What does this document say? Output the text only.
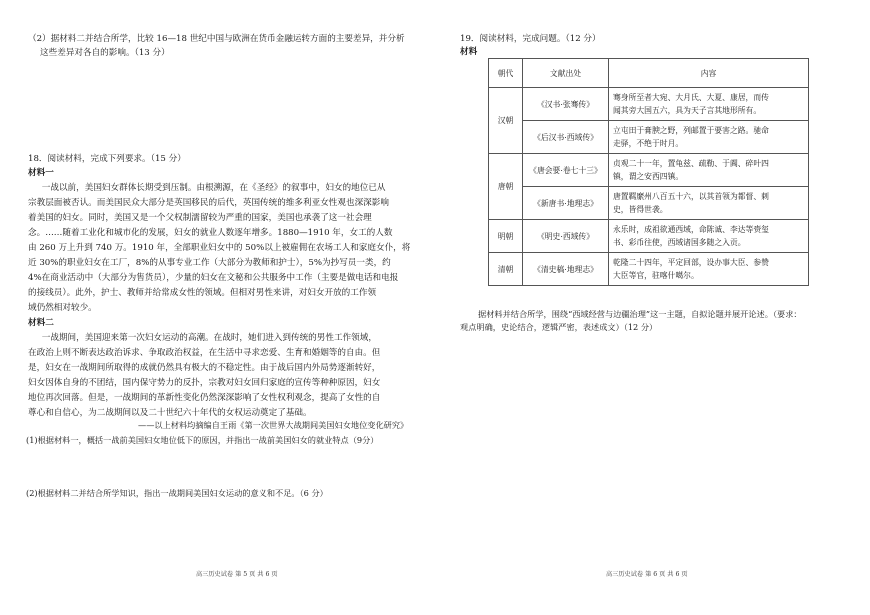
（2）据材料二并结合所学，比较 16—18 世纪中国与欧洲在货币金融运转方面的主要差异，并分析
这些差异对各自的影响。（13 分）
18．阅读材料，完成下列要求。（15 分）
材料一
一战以前，美国妇女群体长期受到压制。由根溯源，在《圣经》的叙事中，妇女的地位已从
宗教层面被否认。而美国民众大部分是英国移民的后代，英国传统的维多利亚女性观也深深影响
着美国的妇女。同时，美国又是一个父权制濡留较为严重的国家，美国也承袭了这一社会理
念。……随着工业化和城市化的发展，妇女的就业人数逐年增多。1880—1910 年，女工的人数
由 260 万上升到 740 万。1910 年，全部职业妇女中的 50%以上被雇佣在农场工人和家庭女仆，将
近 30%的职业妇女在工厂，8%的从事专业工作（大部分为教师和护士），5%为抄写员一类，约
4%在商业活动中（大部分为售货员），少量的妇女在文秘和公共服务中工作（主要是做电话和电报
的接线员）。此外，护士、教师并给常成女性的领域。但相对男性来讲，对妇女开放的工作领
域仍然相对较少。
材料二
一战期间，美国迎来第一次妇女运动的高潮。在战时，她们进入到传统的男性工作领域，
在政治上则不断表达政治诉求、争取政治权益，在生活中寻求恋爱、生育和婚姻等的自由。但
是，妇女在一战期间所取得的成就仍然具有极大的不稳定性。由于战后国内外局势逐渐转好，
妇女因体自身的不团结，国内保守势力的反扑，宗教对妇女回归家庭的宣传等种种原因，妇女
地位再次回落。但是，一战期间的革新性变化仍然深深影响了女性权利观念，提高了女性的自
尊心和自信心，为二战期间以及二十世纪六十年代的女权运动奠定了基础。
——以上材料均摘编自王雨《第一次世界大战期间美国妇女地位变化研究》
(1)根据材料一，概括一战前美国妇女地位低下的原因，并指出一战前美国妇女的就业特点（9分）
(2)根据材料二并结合所学知识，指出一战期间美国妇女运动的意义和不足。（6 分）
高三历史试卷 第 5 页 共 6 页
19．阅读材料，完成问题。（12 分）
材料
朝代	文献出处	内容
汉朝	《汉书·张骞传》	骞身所至者大宛、大月氏、大夏、康居，而传
闻其旁大国五六，具为天子言其地形所有。

	《后汉书·西域传》	立屯田于膏腴之野，列邮置于要害之路。驰命
走驿，不绝于时月。

唐朝	《唐会要·卷七十三》	贞观二十一年，置龟兹、疏勒、于阗、碎叶四
镇，谓之安西四镇。

	《新唐书·地理志》	唐置羁縻州八百五十六，以其首领为都督、刺
史，皆得世袭。

明朝	《明史·西域传》	永乐时，成祖欲通西域，命陈诚、李达等赍玺
书、彩币往使，西域诸国多随之入贡。

清朝	《清史稿·地理志》	乾隆二十四年，平定回部，设办事大臣、参赞
大臣等官，驻喀什噶尔。
据材料并结合所学，围绕“西域经营与边疆治理”这一主题，自拟论题并展开论述。（要求：
观点明确，史论结合，逻辑严密，表述成文）（12 分）
高三历史试卷 第 6 页 共 6 页
